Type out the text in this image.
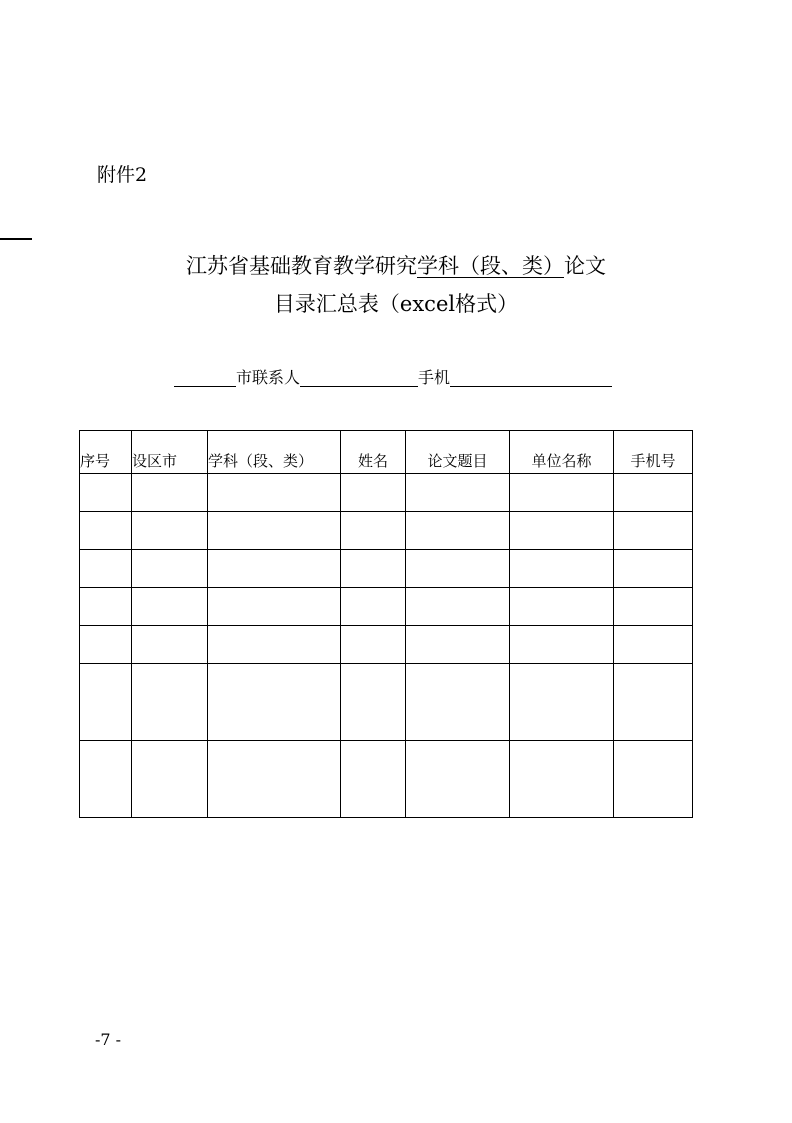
附件2
江苏省基础教育教学研究学科（段、类）论文
目录汇总表（excel格式）
市联系人	手机
序号	设区市	学科（段、类）	姓名	论文题目	单位名称	手机号

-7 -
